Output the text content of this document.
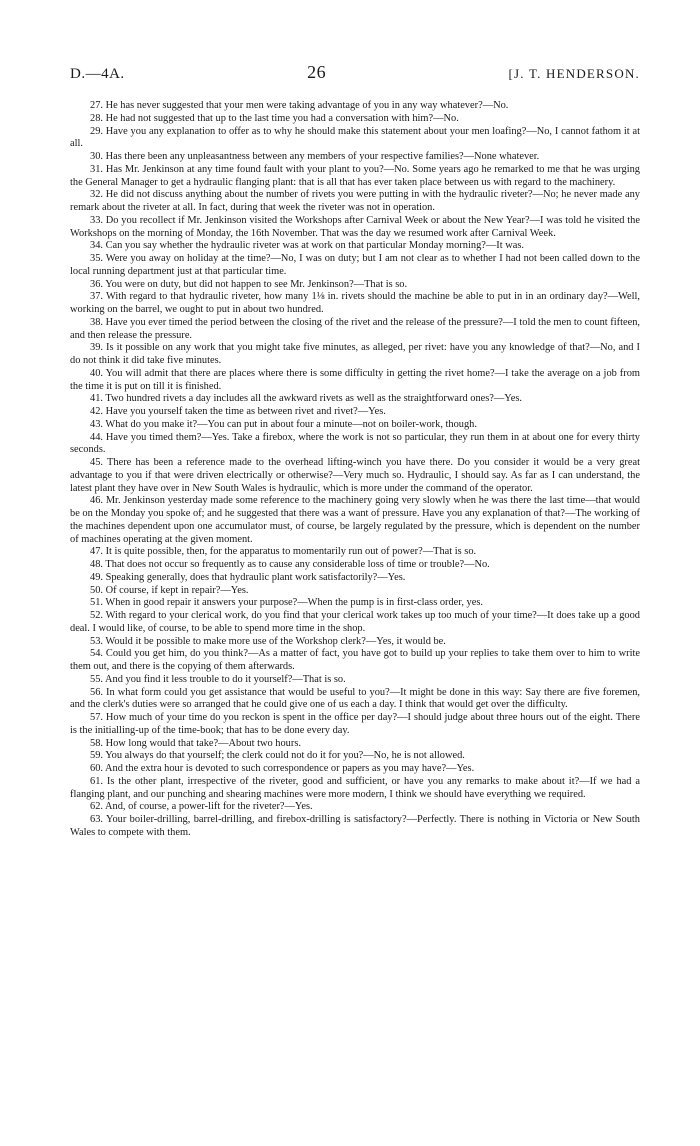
D.—4A.	26	[J. T. HENDERSON.

27. He has never suggested that your men were taking advantage of you in any way whatever?—No.

28. He had not suggested that up to the last time you had a conversation with him?—No.

29. Have you any explanation to offer as to why he should make this statement about your men loafing?—No, I cannot fathom it at all.

30. Has there been any unpleasantness between any members of your respective families?—None whatever.

31. Has Mr. Jenkinson at any time found fault with your plant to you?—No. Some years ago he remarked to me that he was urging the General Manager to get a hydraulic flanging plant: that is all that has ever taken place between us with regard to the machinery.

32. He did not discuss anything about the number of rivets you were putting in with the hydraulic riveter?—No; he never made any remark about the riveter at all. In fact, during that week the riveter was not in operation.

33. Do you recollect if Mr. Jenkinson visited the Workshops after Carnival Week or about the New Year?—I was told he visited the Workshops on the morning of Monday, the 16th November. That was the day we resumed work after Carnival Week.

34. Can you say whether the hydraulic riveter was at work on that particular Monday morning?—It was.

35. Were you away on holiday at the time?—No, I was on duty; but I am not clear as to whether I had not been called down to the local running department just at that particular time.

36. You were on duty, but did not happen to see Mr. Jenkinson?—That is so.

37. With regard to that hydraulic riveter, how many 1⅛ in. rivets should the machine be able to put in in an ordinary day?—Well, working on the barrel, we ought to put in about two hundred.

38. Have you ever timed the period between the closing of the rivet and the release of the pressure?—I told the men to count fifteen, and then release the pressure.

39. Is it possible on any work that you might take five minutes, as alleged, per rivet: have you any knowledge of that?—No, and I do not think it did take five minutes.

40. You will admit that there are places where there is some difficulty in getting the rivet home?—I take the average on a job from the time it is put on till it is finished.

41. Two hundred rivets a day includes all the awkward rivets as well as the straightforward ones?—Yes.

42. Have you yourself taken the time as between rivet and rivet?—Yes.

43. What do you make it?—You can put in about four a minute—not on boiler-work, though.

44. Have you timed them?—Yes. Take a firebox, where the work is not so particular, they run them in at about one for every thirty seconds.

45. There has been a reference made to the overhead lifting-winch you have there. Do you consider it would be a very great advantage to you if that were driven electrically or otherwise?—Very much so. Hydraulic, I should say. As far as I can understand, the latest plant they have over in New South Wales is hydraulic, which is more under the command of the operator.

46. Mr. Jenkinson yesterday made some reference to the machinery going very slowly when he was there the last time—that would be on the Monday you spoke of; and he suggested that there was a want of pressure. Have you any explanation of that?—The working of the machines dependent upon one accumulator must, of course, be largely regulated by the pressure, which is dependent on the number of machines operating at the given moment.

47. It is quite possible, then, for the apparatus to momentarily run out of power?—That is so.

48. That does not occur so frequently as to cause any considerable loss of time or trouble?—No.

49. Speaking generally, does that hydraulic plant work satisfactorily?—Yes.

50. Of course, if kept in repair?—Yes.

51. When in good repair it answers your purpose?—When the pump is in first-class order, yes.

52. With regard to your clerical work, do you find that your clerical work takes up too much of your time?—It does take up a good deal. I would like, of course, to be able to spend more time in the shop.

53. Would it be possible to make more use of the Workshop clerk?—Yes, it would be.

54. Could you get him, do you think?—As a matter of fact, you have got to build up your replies to take them over to him to write them out, and there is the copying of them afterwards.

55. And you find it less trouble to do it yourself?—That is so.

56. In what form could you get assistance that would be useful to you?—It might be done in this way: Say there are five foremen, and the clerk's duties were so arranged that he could give one of us each a day. I think that would get over the difficulty.

57. How much of your time do you reckon is spent in the office per day?—I should judge about three hours out of the eight. There is the initialling-up of the time-book; that has to be done every day.

58. How long would that take?—About two hours.

59. You always do that yourself; the clerk could not do it for you?—No, he is not allowed.

60. And the extra hour is devoted to such correspondence or papers as you may have?—Yes.

61. Is the other plant, irrespective of the riveter, good and sufficient, or have you any remarks to make about it?—If we had a flanging plant, and our punching and shearing machines were more modern, I think we should have everything we required.

62. And, of course, a power-lift for the riveter?—Yes.

63. Your boiler-drilling, barrel-drilling, and firebox-drilling is satisfactory?—Perfectly. There is nothing in Victoria or New South Wales to compete with them.
